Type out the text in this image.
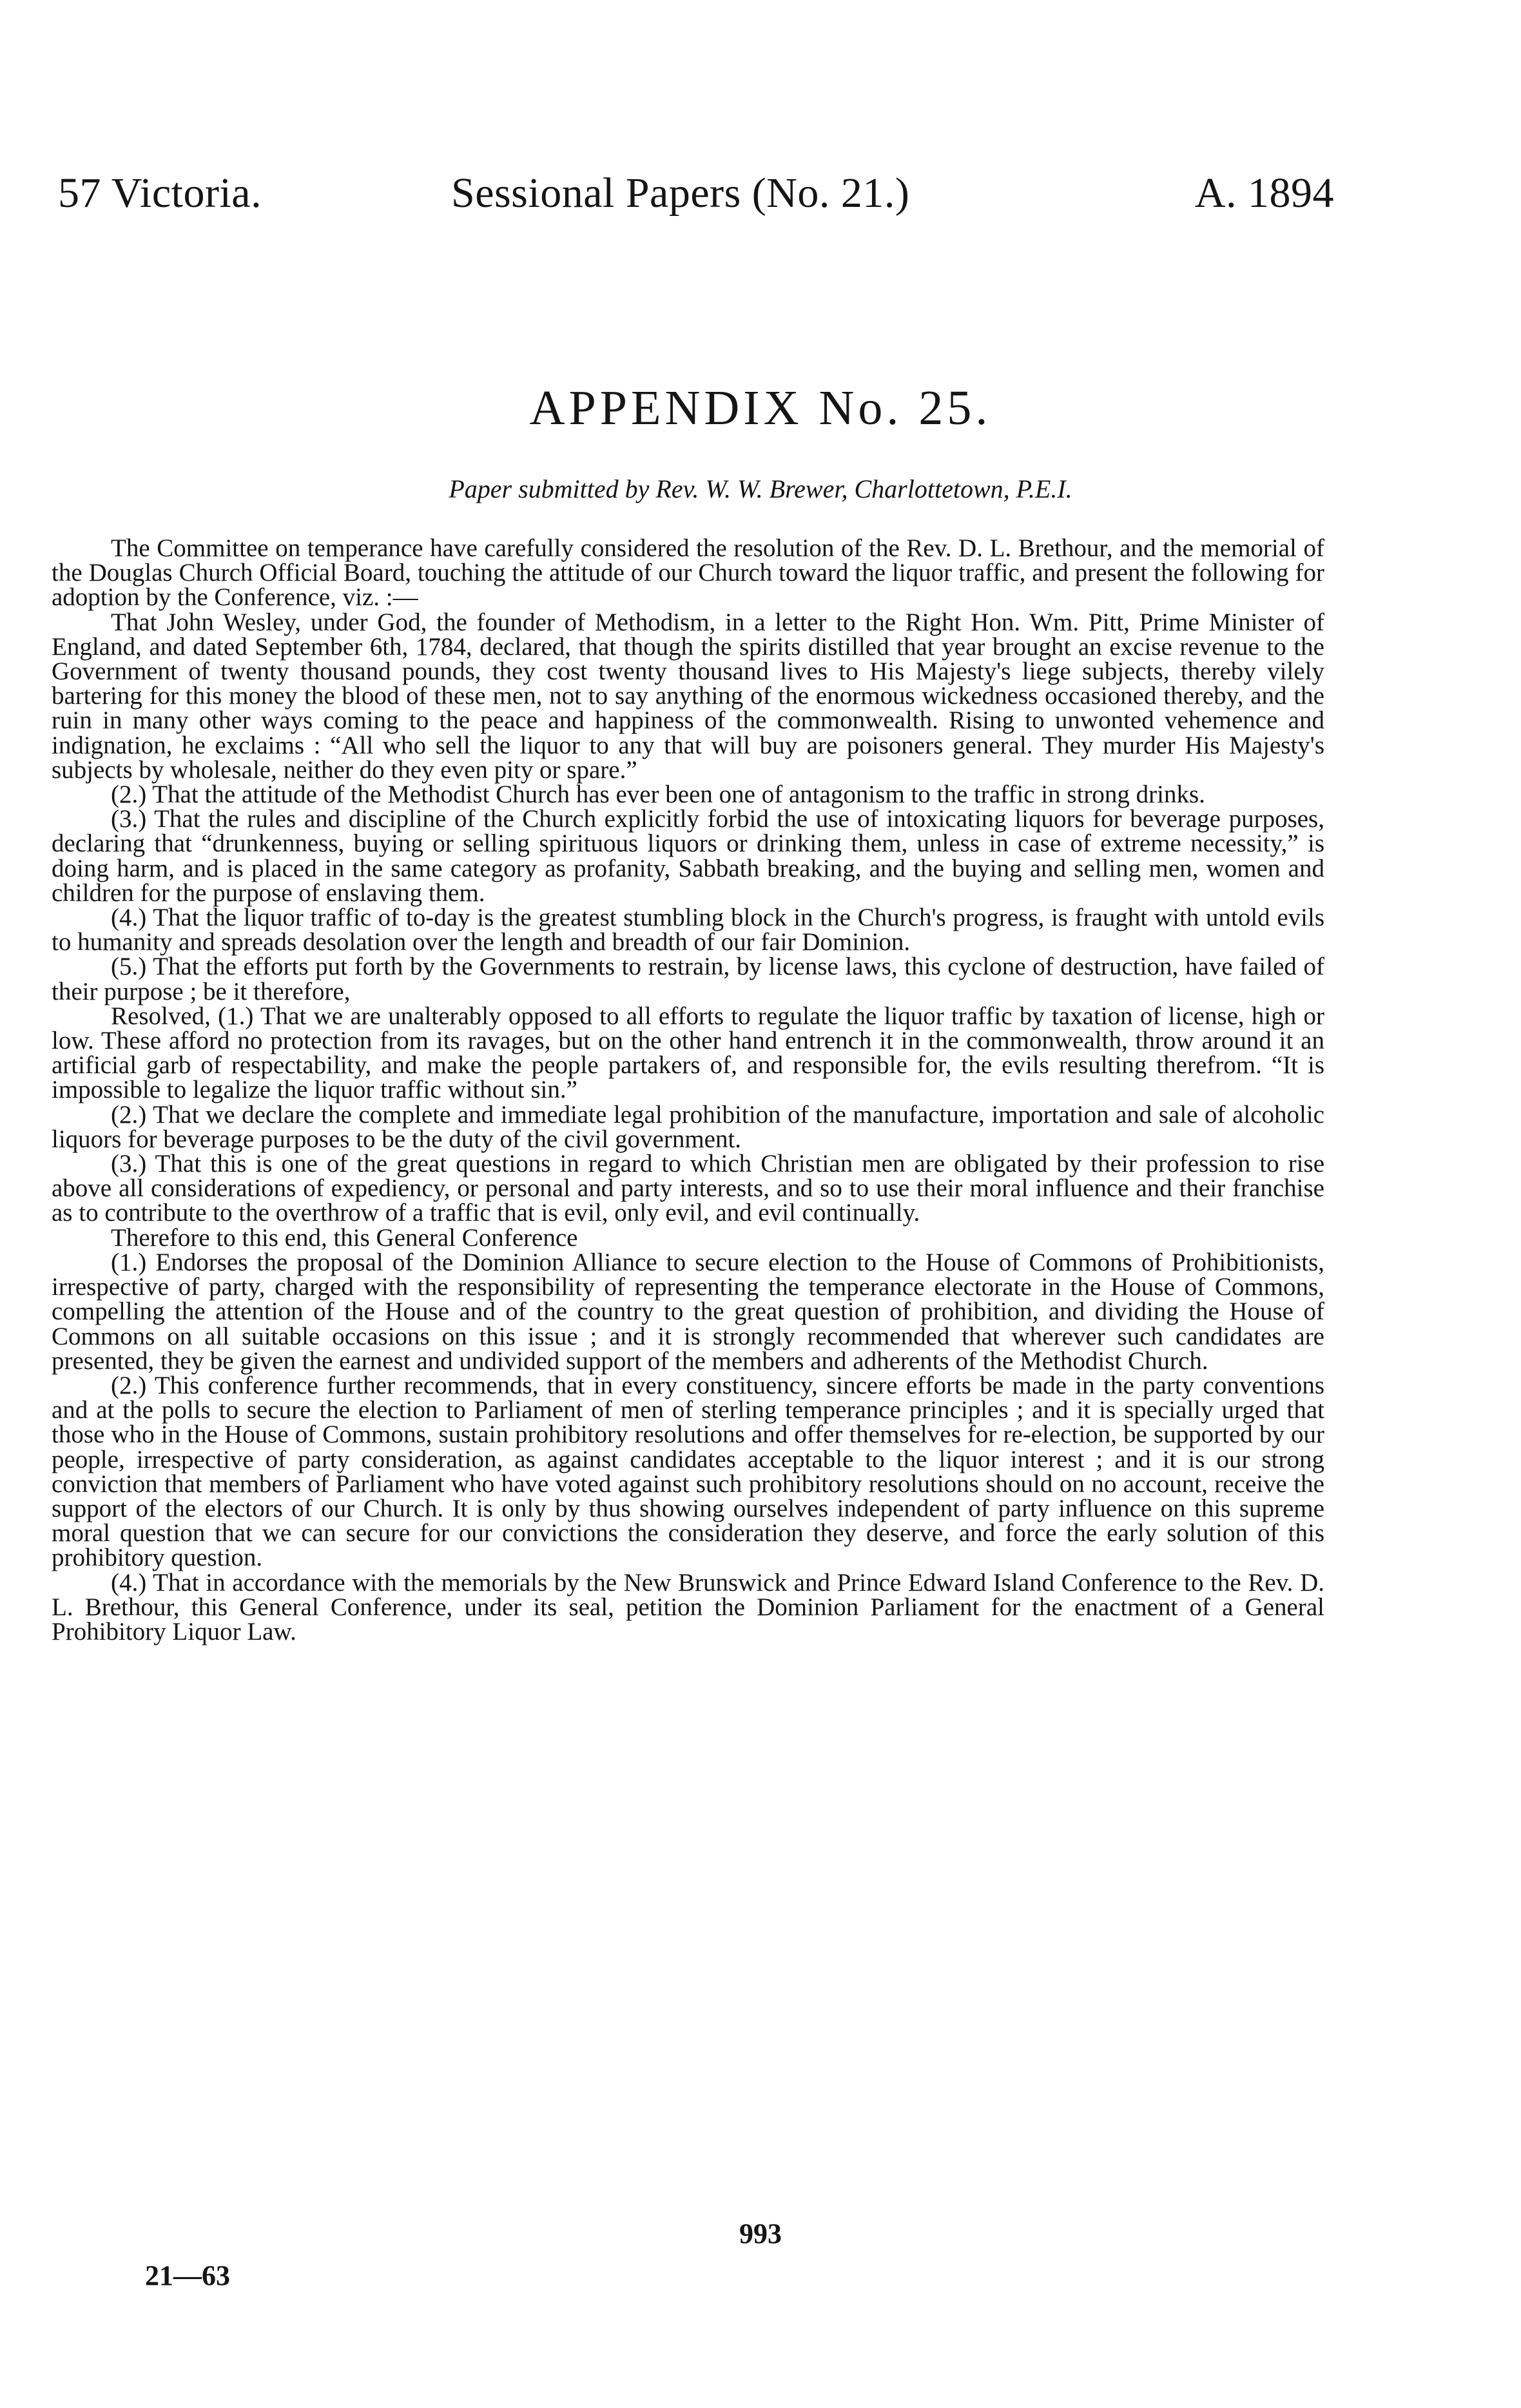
57 Victoria.	Sessional Papers (No. 21.)	A. 1894
APPENDIX No. 25.
Paper submitted by Rev. W. W. Brewer, Charlottetown, P.E.I.

The Committee on temperance have carefully considered the resolution of the Rev. D. L. Brethour, and the memorial of the Douglas Church Official Board, touching the attitude of our Church toward the liquor traffic, and present the following for adoption by the Conference, viz. :—

That John Wesley, under God, the founder of Methodism, in a letter to the Right Hon. Wm. Pitt, Prime Minister of England, and dated September 6th, 1784, declared, that though the spirits distilled that year brought an excise revenue to the Government of twenty thousand pounds, they cost twenty thousand lives to His Majesty's liege subjects, thereby vilely bartering for this money the blood of these men, not to say anything of the enormous wickedness occasioned thereby, and the ruin in many other ways coming to the peace and happiness of the commonwealth. Rising to unwonted vehemence and indignation, he exclaims : “All who sell the liquor to any that will buy are poisoners general. They murder His Majesty's subjects by wholesale, neither do they even pity or spare.”

(2.) That the attitude of the Methodist Church has ever been one of antagonism to the traffic in strong drinks.

(3.) That the rules and discipline of the Church explicitly forbid the use of intoxicating liquors for beverage purposes, declaring that “drunkenness, buying or selling spirituous liquors or drinking them, unless in case of extreme necessity,” is doing harm, and is placed in the same category as profanity, Sabbath breaking, and the buying and selling men, women and children for the purpose of enslaving them.

(4.) That the liquor traffic of to-day is the greatest stumbling block in the Church's progress, is fraught with untold evils to humanity and spreads desolation over the length and breadth of our fair Dominion.

(5.) That the efforts put forth by the Governments to restrain, by license laws, this cyclone of destruction, have failed of their purpose ; be it therefore,

Resolved, (1.) That we are unalterably opposed to all efforts to regulate the liquor traffic by taxation of license, high or low. These afford no protection from its ravages, but on the other hand entrench it in the commonwealth, throw around it an artificial garb of respectability, and make the people partakers of, and responsible for, the evils resulting therefrom. “It is impossible to legalize the liquor traffic without sin.”

(2.) That we declare the complete and immediate legal prohibition of the manufacture, importation and sale of alcoholic liquors for beverage purposes to be the duty of the civil government.

(3.) That this is one of the great questions in regard to which Christian men are obligated by their profession to rise above all considerations of expediency, or personal and party interests, and so to use their moral influence and their franchise as to contribute to the overthrow of a traffic that is evil, only evil, and evil continually.

Therefore to this end, this General Conference

(1.) Endorses the proposal of the Dominion Alliance to secure election to the House of Commons of Prohibitionists, irrespective of party, charged with the responsibility of representing the temperance electorate in the House of Commons, compelling the attention of the House and of the country to the great question of prohibition, and dividing the House of Commons on all suitable occasions on this issue ; and it is strongly recommended that wherever such candidates are presented, they be given the earnest and undivided support of the members and adherents of the Methodist Church.

(2.) This conference further recommends, that in every constituency, sincere efforts be made in the party conventions and at the polls to secure the election to Parliament of men of sterling temperance principles ; and it is specially urged that those who in the House of Commons, sustain prohibitory resolutions and offer themselves for re-election, be supported by our people, irrespective of party consideration, as against candidates acceptable to the liquor interest ; and it is our strong conviction that members of Parliament who have voted against such prohibitory resolutions should on no account, receive the support of the electors of our Church. It is only by thus showing ourselves independent of party influence on this supreme moral question that we can secure for our convictions the consideration they deserve, and force the early solution of this prohibitory question.

(4.) That in accordance with the memorials by the New Brunswick and Prince Edward Island Conference to the Rev. D. L. Brethour, this General Conference, under its seal, petition the Dominion Parliament for the enactment of a General Prohibitory Liquor Law.

993
21—63
